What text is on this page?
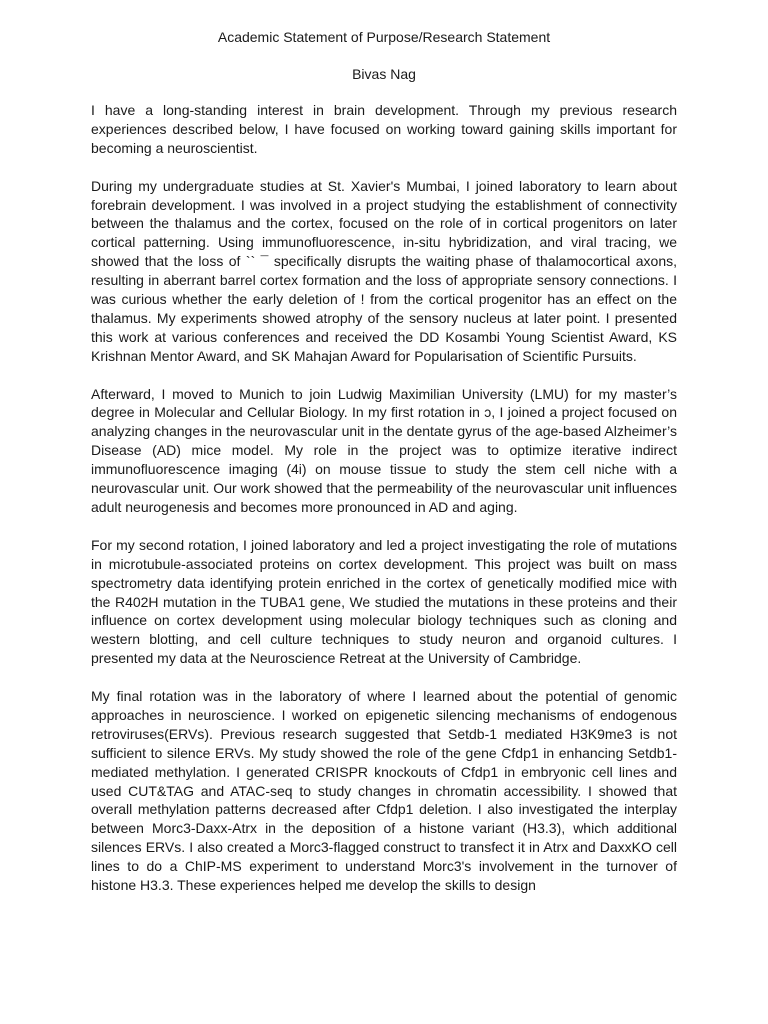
Academic Statement of Purpose/Research Statement
Bivas Nag

I have a long-standing interest in brain development. Through my previous research experiences described below, I have focused on working toward gaining skills important for becoming a neuroscientist.

During my undergraduate studies at St. Xavier's Mumbai, I joined laboratory to learn about forebrain development. I was involved in a project studying the establishment of connectivity between the thalamus and the cortex, focused on the role of in cortical progenitors on later cortical patterning. Using immunofluorescence, in-situ hybridization, and viral tracing, we showed that the loss of `` ¯ specifically disrupts the waiting phase of thalamocortical axons, resulting in aberrant barrel cortex formation and the loss of appropriate sensory connections. I was curious whether the early deletion of ! from the cortical progenitor has an effect on the thalamus. My experiments showed atrophy of the sensory nucleus at later point. I presented this work at various conferences and received the DD Kosambi Young Scientist Award, KS Krishnan Mentor Award, and SK Mahajan Award for Popularisation of Scientific Pursuits.

Afterward, I moved to Munich to join Ludwig Maximilian University (LMU) for my master’s degree in Molecular and Cellular Biology. In my first rotation in ɔ, I joined a project focused on analyzing changes in the neurovascular unit in the dentate gyrus of the age-based Alzheimer’s Disease (AD) mice model. My role in the project was to optimize iterative indirect immunofluorescence imaging (4i) on mouse tissue to study the stem cell niche with a neurovascular unit. Our work showed that the permeability of the neurovascular unit influences adult neurogenesis and becomes more pronounced in AD and aging.

For my second rotation, I joined laboratory and led a project investigating the role of mutations in microtubule-associated proteins on cortex development. This project was built on mass spectrometry data identifying protein enriched in the cortex of genetically modified mice with the R402H mutation in the TUBA1 gene, We studied the mutations in these proteins and their influence on cortex development using molecular biology techniques such as cloning and western blotting, and cell culture techniques to study neuron and organoid cultures. I presented my data at the Neuroscience Retreat at the University of Cambridge.

My final rotation was in the laboratory of where I learned about the potential of genomic approaches in neuroscience. I worked on epigenetic silencing mechanisms of endogenous retroviruses(ERVs). Previous research suggested that Setdb-1 mediated H3K9me3 is not sufficient to silence ERVs. My study showed the role of the gene Cfdp1 in enhancing Setdb1-mediated methylation. I generated CRISPR knockouts of Cfdp1 in embryonic cell lines and used CUT&TAG and ATAC-seq to study changes in chromatin accessibility. I showed that overall methylation patterns decreased after Cfdp1 deletion. I also investigated the interplay between Morc3-Daxx-Atrx in the deposition of a histone variant (H3.3), which additional silences ERVs. I also created a Morc3-flagged construct to transfect it in Atrx and DaxxKO cell lines to do a ChIP-MS experiment to understand Morc3's involvement in the turnover of histone H3.3. These experiences helped me develop the skills to design
